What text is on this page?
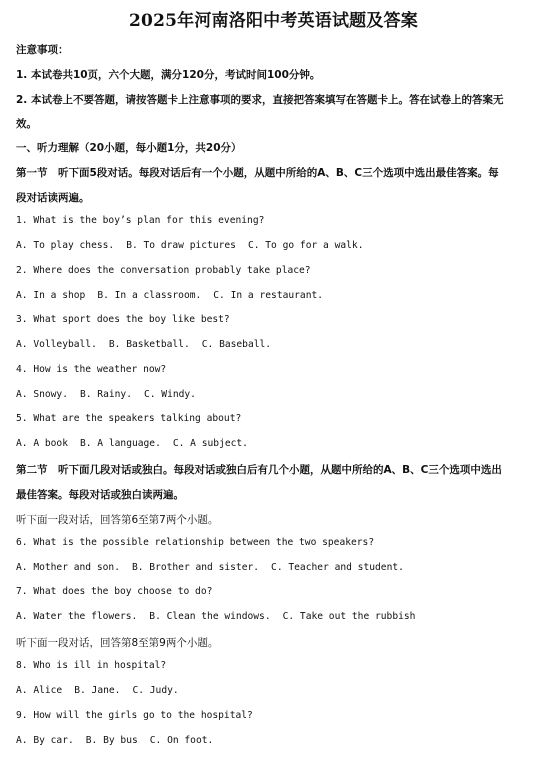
2025年河南洛阳中考英语试题及答案
注意事项：
1. 本试卷共10页，六个大题，满分120分，考试时间100分钟。
2. 本试卷上不要答题，请按答题卡上注意事项的要求，直接把答案填写在答题卡上。答在试卷上的答案无
效。
一、听力理解（20小题，每小题1分，共20分）
第一节　听下面5段对话。每段对话后有一个小题，从题中所给的A、B、C三个选项中选出最佳答案。每
段对话读两遍。
1. What is the boy’s plan for this evening?
A. To play chess. B. To draw pictures C. To go for a walk.
2. Where does the conversation probably take place?
A. In a shop B. In a classroom. C. In a restaurant.
3. What sport does the boy like best?
A. Volleyball. B. Basketball. C. Baseball.
4. How is the weather now?
A. Snowy. B. Rainy. C. Windy.
5. What are the speakers talking about?
A. A book B. A language. C. A subject.
第二节　听下面几段对话或独白。每段对话或独白后有几个小题，从题中所给的A、B、C三个选项中选出
最佳答案。每段对话或独白读两遍。
听下面一段对话，回答第6至第7两个小题。
6. What is the possible relationship between the two speakers?
A. Mother and son. B. Brother and sister. C. Teacher and student.
7. What does the boy choose to do?
A. Water the flowers. B. Clean the windows. C. Take out the rubbish
听下面一段对话，回答第8至第9两个小题。
8. Who is ill in hospital?
A. Alice B. Jane. C. Judy.
9. How will the girls go to the hospital?
A. By car. B. By bus C. On foot.
